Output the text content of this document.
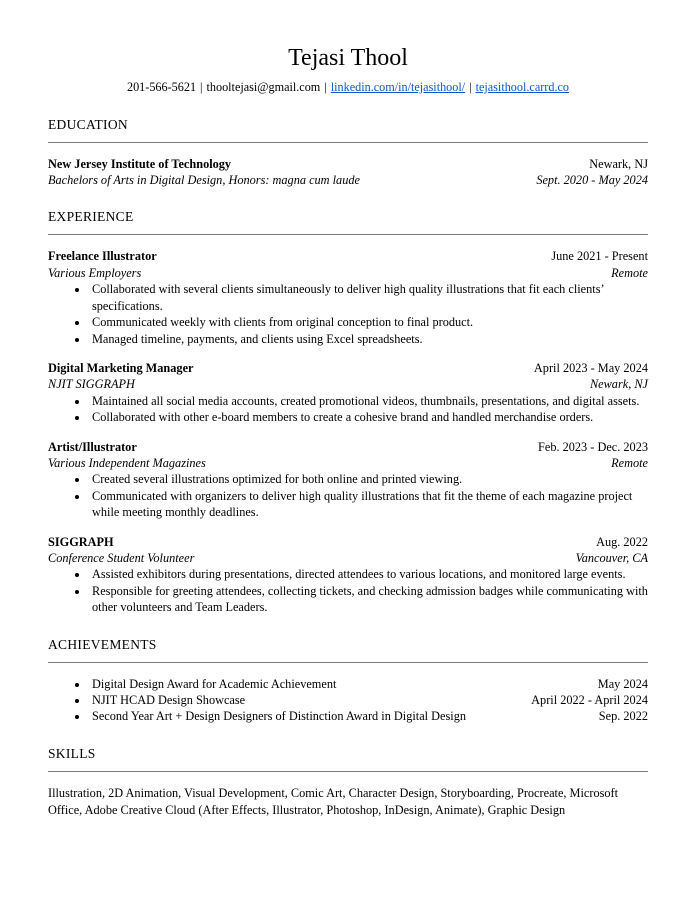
Tejasi Thool
201-566-5621 | thooltejasi@gmail.com | linkedin.com/in/tejasithool/ | tejasithool.carrd.co
EDUCATION
New Jersey Institute of Technology	Newark, NJ
Bachelors of Arts in Digital Design, Honors: magna cum laude	Sept. 2020 - May 2024
EXPERIENCE
Freelance Illustrator	June 2021 - Present
Various Employers	Remote
• Collaborated with several clients simultaneously to deliver high quality illustrations that fit each clients’ specifications.
• Communicated weekly with clients from original conception to final product.
• Managed timeline, payments, and clients using Excel spreadsheets.
Digital Marketing Manager	April 2023 - May 2024
NJIT SIGGRAPH	Newark, NJ
• Maintained all social media accounts, created promotional videos, thumbnails, presentations, and digital assets.
• Collaborated with other e-board members to create a cohesive brand and handled merchandise orders.
Artist/Illustrator	Feb. 2023 - Dec. 2023
Various Independent Magazines	Remote
• Created several illustrations optimized for both online and printed viewing.
• Communicated with organizers to deliver high quality illustrations that fit the theme of each magazine project while meeting monthly deadlines.
SIGGRAPH	Aug. 2022
Conference Student Volunteer	Vancouver, CA
• Assisted exhibitors during presentations, directed attendees to various locations, and monitored large events.
• Responsible for greeting attendees, collecting tickets, and checking admission badges while communicating with other volunteers and Team Leaders.
ACHIEVEMENTS
• Digital Design Award for Academic Achievement	May 2024
• NJIT HCAD Design Showcase	April 2022 - April 2024
• Second Year Art + Design Designers of Distinction Award in Digital Design	Sep. 2022
SKILLS
Illustration, 2D Animation, Visual Development, Comic Art, Character Design, Storyboarding, Procreate, Microsoft Office, Adobe Creative Cloud (After Effects, Illustrator, Photoshop, InDesign, Animate), Graphic Design
